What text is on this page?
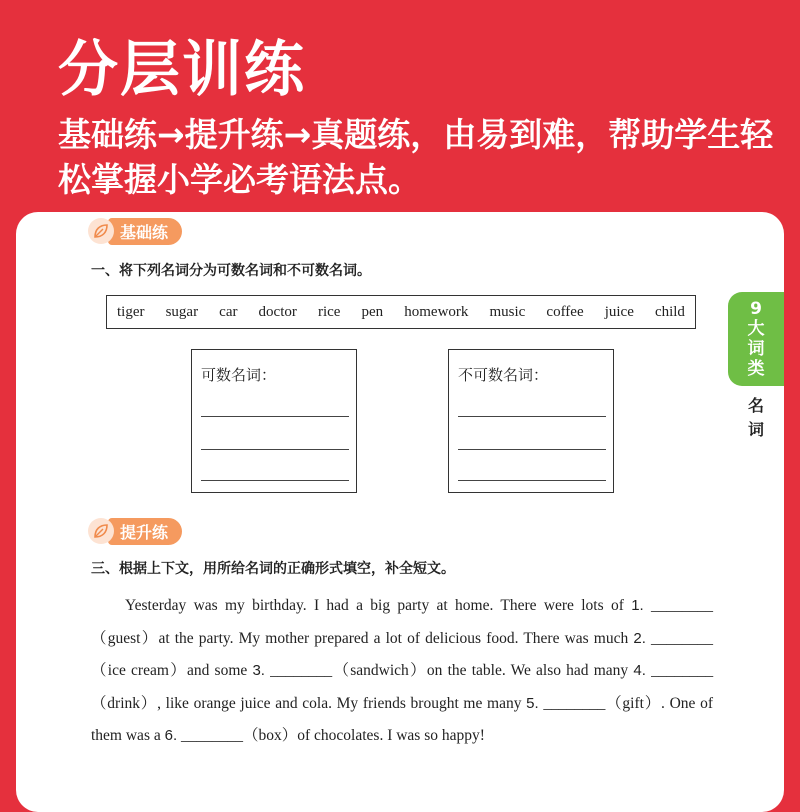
分层训练
基础练→提升练→真题练，由易到难，帮助学生轻松掌握小学必考语法点。
基础练
一、将下列名词分为可数名词和不可数名词。
tiger sugar car doctor rice pen homework music coffee juice child
可数名词：	不可数名词：
9
大
词
类
名
词
提升练
三、根据上下文，用所给名词的正确形式填空，补全短文。
Yesterday was my birthday. I had a big party at home. There were lots of 1. ________（guest）at the party. My mother prepared a lot of delicious food. There was much 2. ________（ice cream）and some 3. ________（sandwich）on the table. We also had many 4. ________（drink）, like orange juice and cola. My friends brought me many 5. ________（gift）. One of them was a 6. ________（box）of chocolates. I was so happy!
